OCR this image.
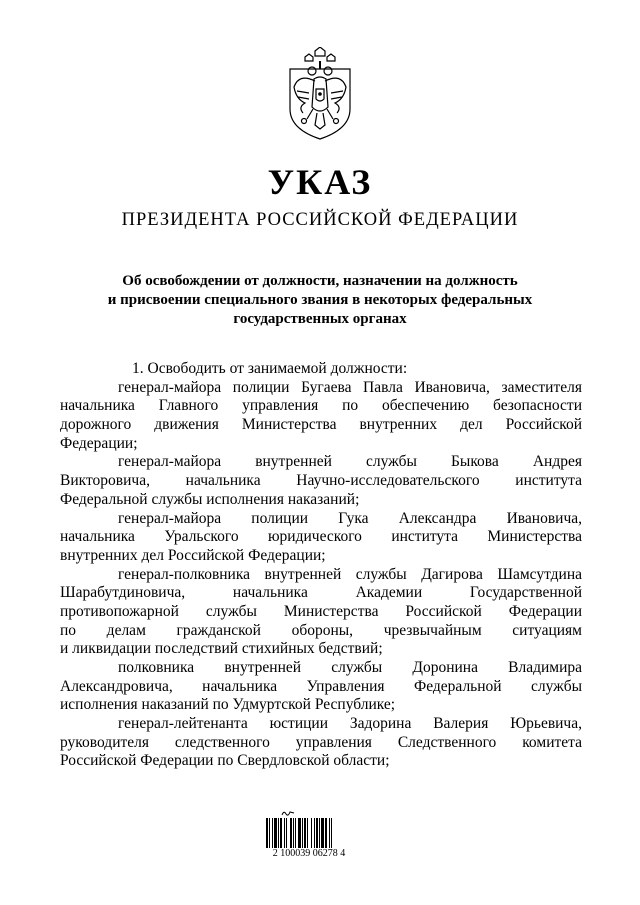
УКАЗ
ПРЕЗИДЕНТА РОССИЙСКОЙ ФЕДЕРАЦИИ
Об освобождении от должности, назначении на должность
и присвоении специального звания в некоторых федеральных
государственных органах
1. Освободить от занимаемой должности:
генерал-майора полиции Бугаева Павла Ивановича, заместителя
начальника Главного управления по обеспечению безопасности
дорожного движения Министерства внутренних дел Российской
Федерации;
генерал-майора внутренней службы Быкова Андрея
Викторовича, начальника Научно-исследовательского института
Федеральной службы исполнения наказаний;
генерал-майора полиции Гука Александра Ивановича,
начальника Уральского юридического института Министерства
внутренних дел Российской Федерации;
генерал-полковника внутренней службы Дагирова Шамсутдина
Шарабутдиновича, начальника Академии Государственной
противопожарной службы Министерства Российской Федерации
по делам гражданской обороны, чрезвычайным ситуациям
и ликвидации последствий стихийных бедствий;
полковника внутренней службы Доронина Владимира
Александровича, начальника Управления Федеральной службы
исполнения наказаний по Удмуртской Республике;
генерал-лейтенанта юстиции Задорина Валерия Юрьевича,
руководителя следственного управления Следственного комитета
Российской Федерации по Свердловской области;
2 100039 06278 4
